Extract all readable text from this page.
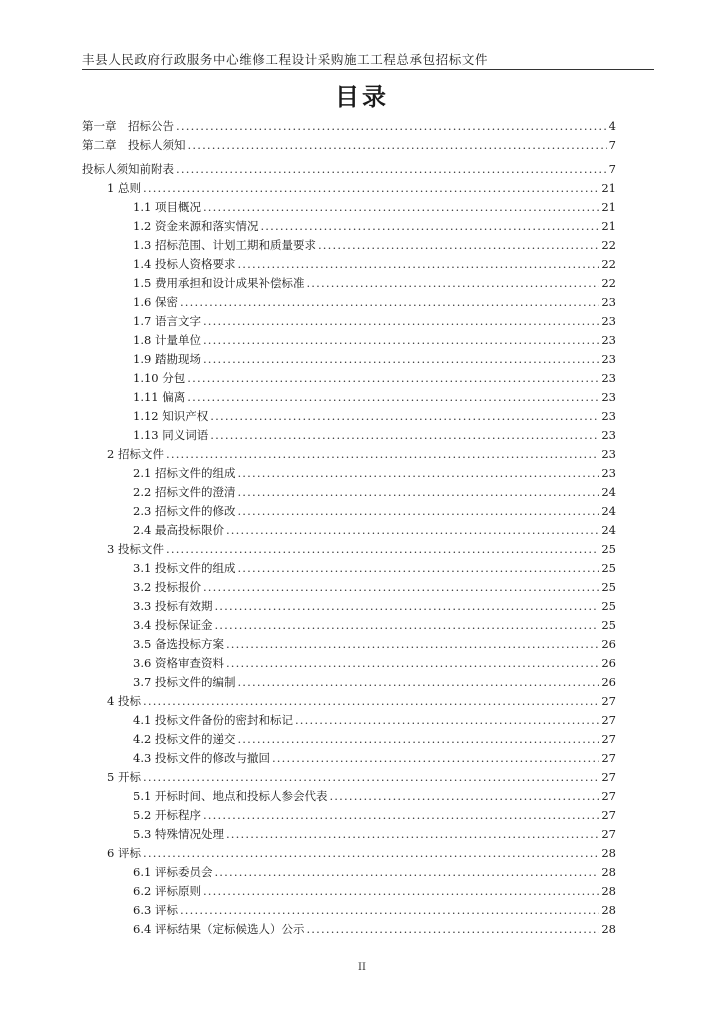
丰县人民政府行政服务中心维修工程设计采购施工工程总承包招标文件
目录
第一章　招标公告 .....	4
第二章　投标人须知 .....	7
投标人须知前附表 .....	7
1 总则 .....	21
1.1 项目概况 .....	21
1.2 资金来源和落实情况 .....	21
1.3 招标范围、计划工期和质量要求 .....	22
1.4 投标人资格要求 .....	22
1.5 费用承担和设计成果补偿标准 .....	22
1.6 保密 .....	23
1.7 语言文字 .....	23
1.8 计量单位 .....	23
1.9 踏勘现场 .....	23
1.10 分包 .....	23
1.11 偏离 .....	23
1.12 知识产权 .....	23
1.13 同义词语 .....	23
2 招标文件 .....	23
2.1 招标文件的组成 .....	23
2.2 招标文件的澄清 .....	24
2.3 招标文件的修改 .....	24
2.4 最高投标限价 .....	24
3 投标文件 .....	25
3.1 投标文件的组成 .....	25
3.2 投标报价 .....	25
3.3 投标有效期 .....	25
3.4 投标保证金 .....	25
3.5 备选投标方案 .....	26
3.6 资格审查资料 .....	26
3.7 投标文件的编制 .....	26
4 投标 .....	27
4.1 投标文件备份的密封和标记 .....	27
4.2 投标文件的递交 .....	27
4.3 投标文件的修改与撤回 .....	27
5 开标 .....	27
5.1 开标时间、地点和投标人参会代表 .....	27
5.2 开标程序 .....	27
5.3 特殊情况处理 .....	27
6 评标 .....	28
6.1 评标委员会 .....	28
6.2 评标原则 .....	28
6.3 评标 .....	28
6.4 评标结果（定标候选人）公示 .....	28
II
